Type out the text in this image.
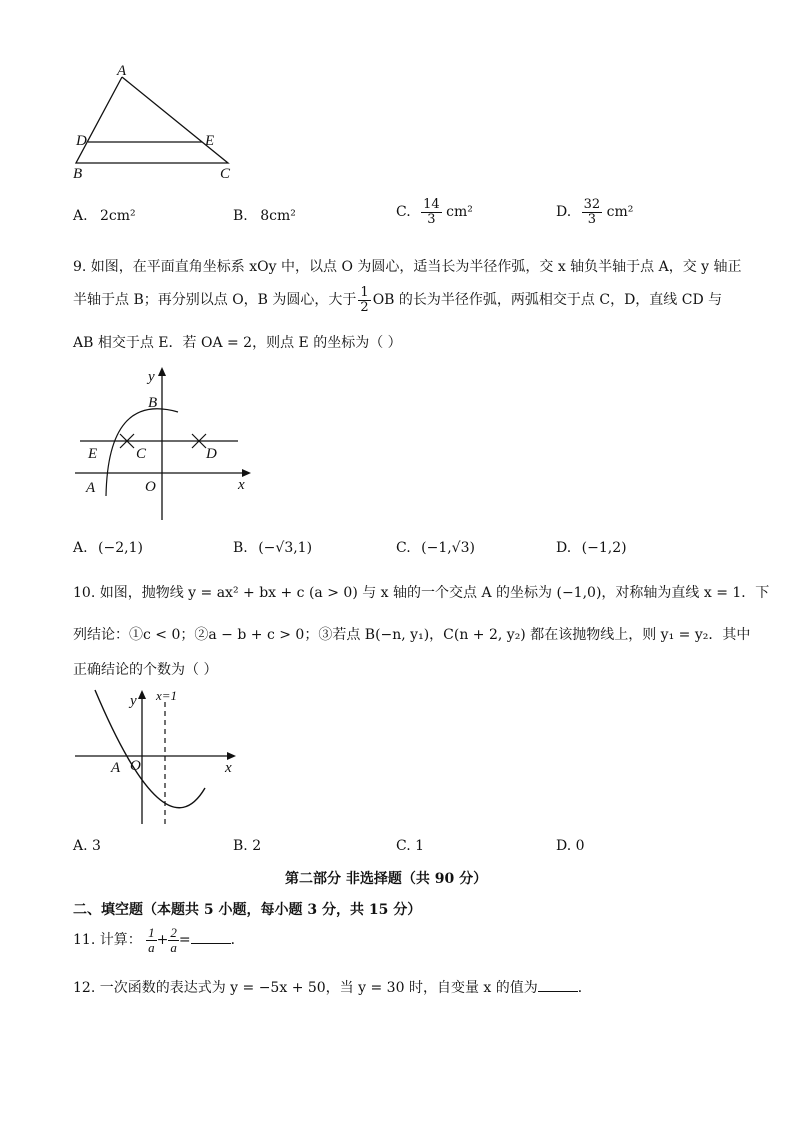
A
D	E
B	C
A. 2cm²	B. 8cm²	C. $\frac{14}{3} cm^2$	D. $\frac{32}{3} cm^2$
9. 如图，在平面直角坐标系 xOy 中，以点 O 为圆心，适当长为半径作弧，交 x 轴负半轴于点 A，交 y 轴正
半轴于点 B；再分别以点 O，B 为圆心，大于 $\frac{1}{2}$ OB 的长为半径作弧，两弧相交于点 C，D，直线 CD 与
AB 相交于点 E．若 OA = 2，则点 E 的坐标为（ ）
y
B
E	C	D
A	O	x
A. (−2,1)	B. (−√3,1)	C. (−1,√3)	D. (−1,2)
10. 如图，抛物线 y = ax² + bx + c (a > 0) 与 x 轴的一个交点 A 的坐标为 (−1,0)，对称轴为直线 x = 1．下
列结论：①c < 0；②a − b + c > 0；③若点 B(−n, y₁)，C(n + 2, y₂) 都在该抛物线上，则 y₁ = y₂．其中
正确结论的个数为（ ）
y x=1
A O	x
A. 3	B. 2	C. 1	D. 0
第二部分 非选择题（共 90 分）
二、填空题（本题共 5 小题，每小题 3 分，共 15 分）
11. 计算： $\frac{1}{a} + \frac{2}{a}$ =	．
12. 一次函数的表达式为 y = −5x + 50，当 y = 30 时，自变量 x 的值为	．
